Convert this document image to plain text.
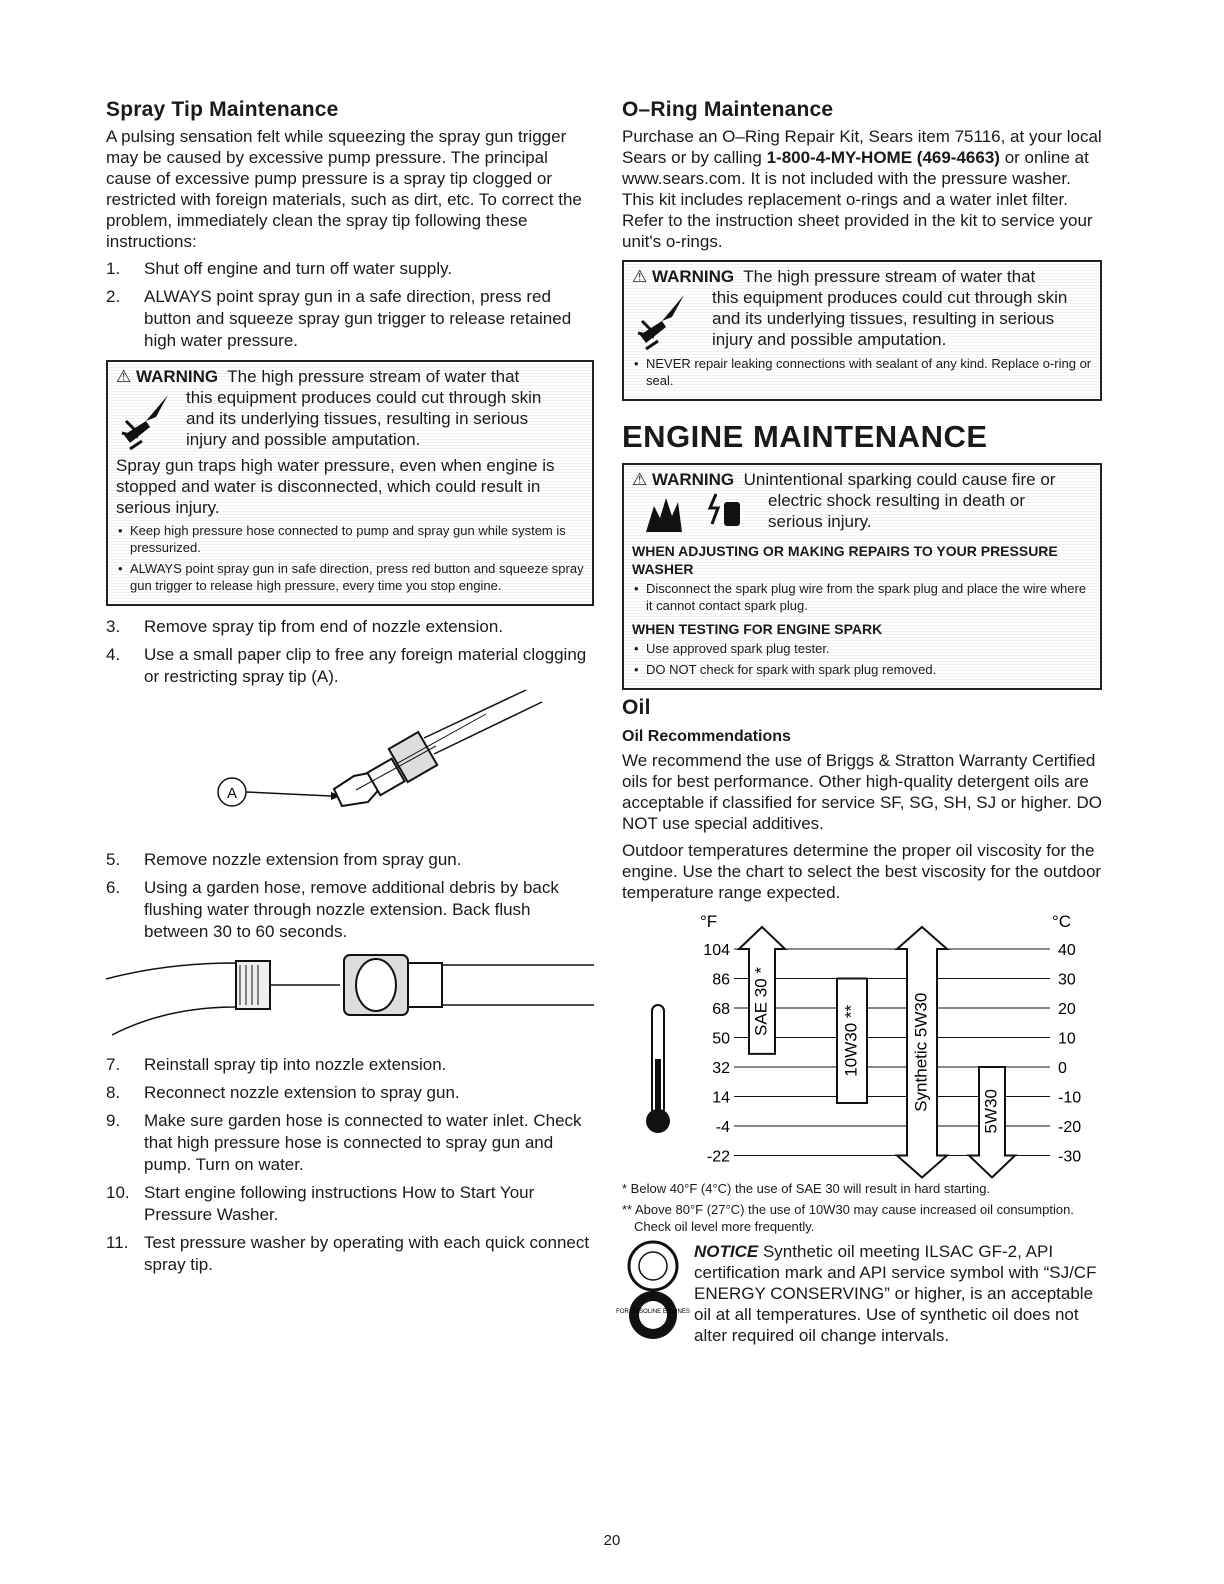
Spray Tip Maintenance

A pulsing sensation felt while squeezing the spray gun trigger may be caused by excessive pump pressure. The principal cause of excessive pump pressure is a spray tip clogged or restricted with foreign materials, such as dirt, etc. To correct the problem, immediately clean the spray tip following these instructions:

1.	Shut off engine and turn off water supply.
2.	ALWAYS point spray gun in a safe direction, press red button and squeeze spray gun trigger to release retained high water pressure.
⚠ WARNING The high pressure stream of water that
this equipment produces could cut through skin
and its underlying tissues, resulting in serious
injury and possible amputation.

Spray gun traps high water pressure, even when engine is stopped and water is disconnected, which could result in serious injury.

• Keep high pressure hose connected to pump and spray gun while system is pressurized.
• ALWAYS point spray gun in safe direction, press red button and squeeze spray gun trigger to release high pressure, every time you stop engine.
3.	Remove spray tip from end of nozzle extension.
4.	Use a small paper clip to free any foreign material clogging or restricting spray tip (A).
A
5.	Remove nozzle extension from spray gun.
6.	Using a garden hose, remove additional debris by back flushing water through nozzle extension. Back flush between 30 to 60 seconds.
7.	Reinstall spray tip into nozzle extension.
8.	Reconnect nozzle extension to spray gun.
9.	Make sure garden hose is connected to water inlet. Check that high pressure hose is connected to spray gun and pump. Turn on water.
10. Start engine following instructions How to Start Your Pressure Washer.
11. Test pressure washer by operating with each quick connect spray tip.
O–Ring Maintenance

Purchase an O–Ring Repair Kit, Sears item 75116, at your local Sears or by calling 1-800-4-MY-HOME (469-4663) or online at www.sears.com. It is not included with the pressure washer. This kit includes replacement o-rings and a water inlet filter. Refer to the instruction sheet provided in the kit to service your unit's o-rings.

⚠ WARNING The high pressure stream of water that
this equipment produces could cut through skin
and its underlying tissues, resulting in serious
injury and possible amputation.
• NEVER repair leaking connections with sealant of any kind. Replace o-ring or seal.
ENGINE MAINTENANCE
⚠ WARNING Unintentional sparking could cause fire or
electric shock resulting in death or
serious injury.
WHEN ADJUSTING OR MAKING REPAIRS TO YOUR PRESSURE WASHER
• Disconnect the spark plug wire from the spark plug and place the wire where it cannot contact spark plug.
WHEN TESTING FOR ENGINE SPARK
• Use approved spark plug tester.
• DO NOT check for spark with spark plug removed.
Oil
Oil Recommendations

We recommend the use of Briggs & Stratton Warranty Certified oils for best performance. Other high-quality detergent oils are acceptable if classified for service SF, SG, SH, SJ or higher. DO NOT use special additives.

Outdoor temperatures determine the proper oil viscosity for the engine. Use the chart to select the best viscosity for the outdoor temperature range expected.

°F	°C
104	40
86	30
68	20
50	10
32	0
14	-10
-4	-20
-22	-30
SAE 30 *
10W30 **	Synthetic 5W30	5W30
* Below 40°F (4°C) the use of SAE 30 will result in hard starting.
** Above 80°F (27°C) the use of 10W30 may cause increased oil consumption. Check oil level more frequently.
FOR GASOLINE ENGINES

NOTICE Synthetic oil meeting ILSAC GF-2, API certification mark and API service symbol with “SJ/CF ENERGY CONSERVING” or higher, is an acceptable oil at all temperatures. Use of synthetic oil does not alter required oil change intervals.

20
